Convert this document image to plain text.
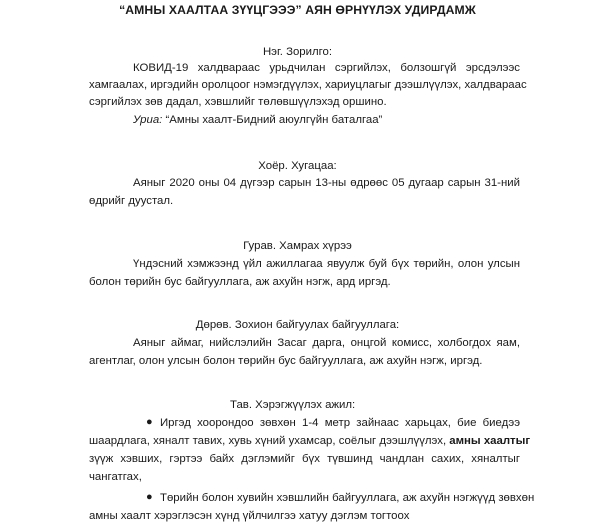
“АМНЫ ХААЛТАА ЗҮҮЦГЭЭЭ” АЯН ӨРНҮҮЛЭХ УДИРДАМЖ
Нэг. Зорилго:
КОВИД-19 халдвараас урьдчилан сэргийлэх, болзошгүй эрсдэлээс
хамгаалах, иргэдийн оролцоог нэмэгдүүлэх, хариуцлагыг дээшлүүлэх, халдвараас
сэргийлэх зөв дадал, хэвшлийг төлөвшүүлэхэд оршино.
Уриа: “Амны хаалт-Бидний аюулгүйн баталгаа”
Хоёр. Хугацаа:
Аяныг 2020 оны 04 дүгээр сарын 13-ны өдрөөс 05 дугаар сарын 31-ний
өдрийг дуустал.
Гурав. Хамрах хүрээ
Үндэсний хэмжээнд үйл ажиллагаа явуулж буй бүх төрийн, олон улсын
болон төрийн бус байгууллага, аж ахуйн нэгж, ард иргэд.
Дөрөв. Зохион байгуулах байгууллага:
Аяныг аймаг, нийслэлийн Засаг дарга, онцгой комисс, холбогдох яам,
агентлаг, олон улсын болон төрийн бус байгууллага, аж ахуйн нэгж, иргэд.
Тав. Хэрэгжүүлэх ажил:
● Иргэд хоорондоо зөвхөн 1-4 метр зайнаас харьцах, бие биедээ
шаардлага, хяналт тавих, хувь хүний ухамсар, соёлыг дээшлүүлэх, амны хаалтыг
зүүж хэвших, гэртээ байх дэглэмийг бүх түвшинд чандлан сахих, хяналтыг
чангатгах,
● Төрийн болон хувийн хэвшлийн байгууллага, аж ахуйн нэгжүүд зөвхөн
амны хаалт хэрэглэсэн хүнд үйлчилгээ хатуу дэглэм тогтоох
